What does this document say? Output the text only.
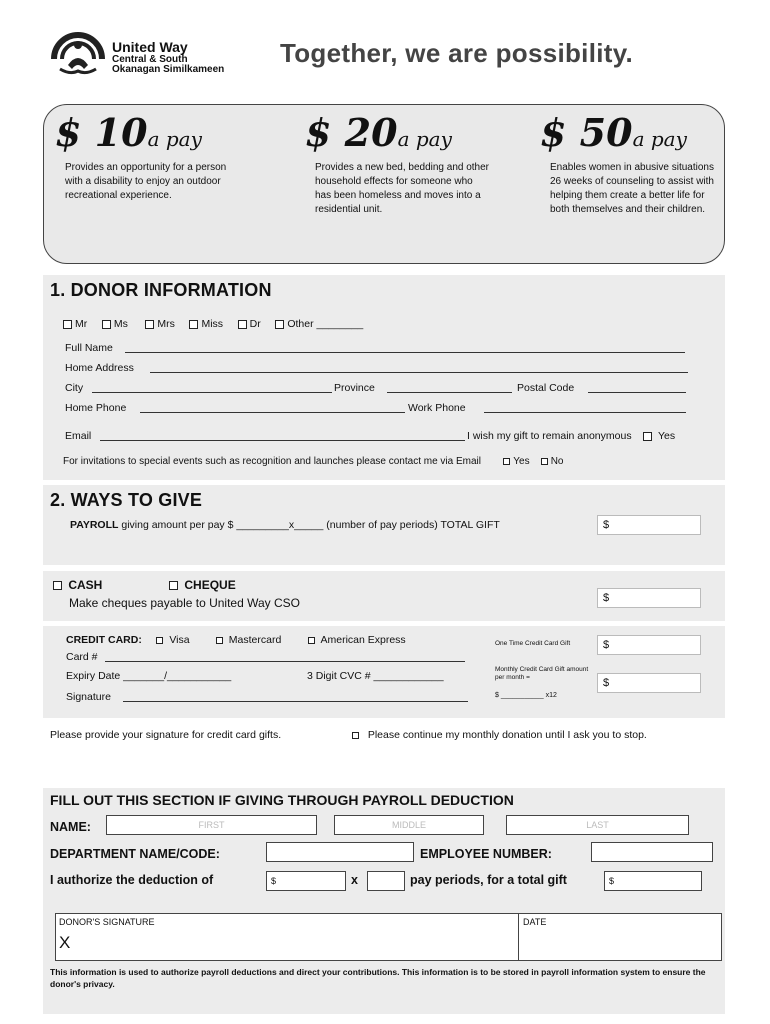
United Way
Central & South
Okanagan Similkameen
Together, we are possibility.
$ 10a pay
Provides an opportunity for a person with a disability to enjoy an outdoor recreational experience.
$ 20a pay
Provides a new bed, bedding and other household effects for someone who has been homeless and moves into a residential unit.
$ 50a pay
Enables women in abusive situations 26 weeks of counseling to assist with helping them create a better life for both themselves and their children.
1. DONOR INFORMATION
Mr	Ms	Mrs	Miss	Dr	Other ________
Full Name
Home Address
City	Province	Postal Code
Home Phone	Work Phone
Email	I wish my gift to remain anonymous	Yes
For invitations to special events such as recognition and launches please contact me via Email	Yes No
2. WAYS TO GIVE
PAYROLL giving amount per pay $ _________x_____ (number of pay periods) TOTAL GIFT	$
CASH	CHEQUE
Make cheques payable to United Way CSO	$
CREDIT CARD:	Visa	Mastercard	American Express
Card #
Expiry Date _______/___________	3 Digit CVC # ____________
Signature
One Time Credit Card Gift	$
Monthly Credit Card Gift amount per month =	$
$ ___________ x12
Please provide your signature for credit card gifts.	Please continue my monthly donation until I ask you to stop.
FILL OUT THIS SECTION IF GIVING THROUGH PAYROLL DEDUCTION
NAME:	FIRST	MIDDLE	LAST
DEPARTMENT NAME/CODE:	EMPLOYEE NUMBER:
I authorize the deduction of	$	x	pay periods, for a total gift	$
DONOR'S SIGNATURE
X
DATE
This information is used to authorize payroll deductions and direct your contributions. This information is to be stored in payroll information system to ensure the donor's privacy.
